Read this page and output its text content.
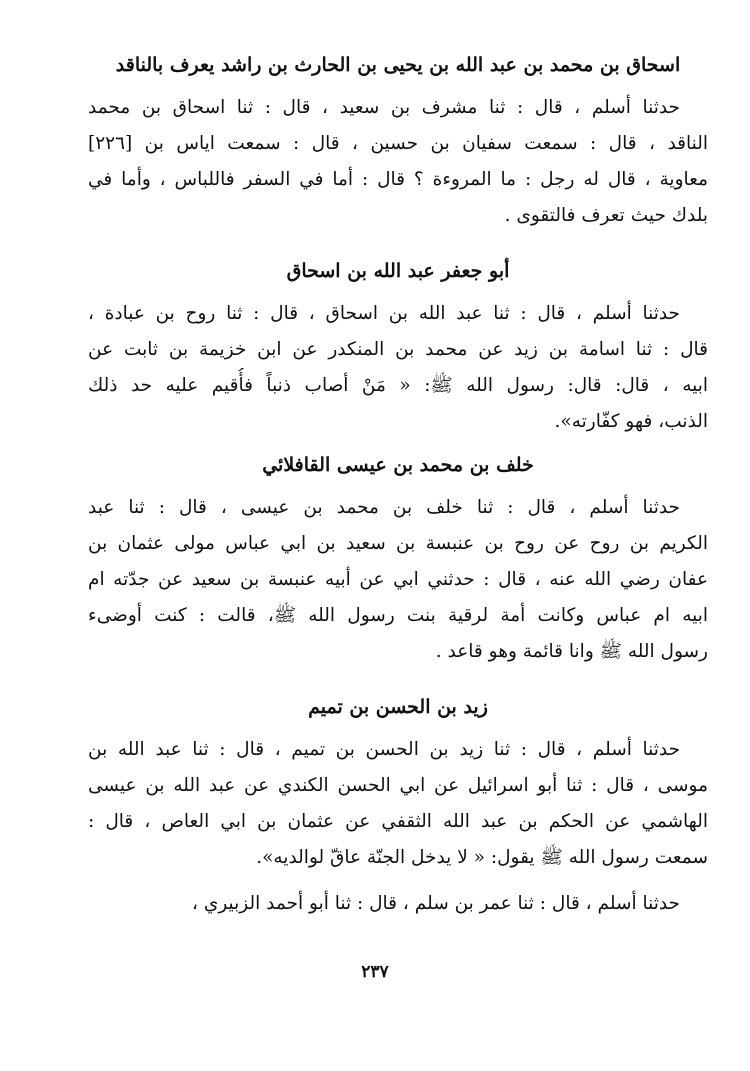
اسحاق بن محمد بن عبد الله بن يحيى بن الحارث بن راشد يعرف بالناقد

حدثنا أسلم ، قال : ثنا مشرف بن سعيد ، قال : ثنا اسحاق بن محمد
الناقد ، قال : سمعت سفيان بن حسين ، قال : سمعت اياس بن [٢٢٦]
معاوية ، قال له رجل : ما المروءة ؟ قال : أما في السفر فاللباس ، وأما في
بلدك حيث تعرف فالتقوى .

أبو جعفر عبد الله بن اسحاق

حدثنا أسلم ، قال : ثنا عبد الله بن اسحاق ، قال : ثنا روح بن عبادة ،
قال : ثنا اسامة بن زيد عن محمد بن المنكدر عن ابن خزيمة بن ثابت عن
ابيه ، قال: قال: رسول الله ﷺ: « مَنْ أصاب ذنباً فأُقيم عليه حد ذلك
الذنب، فهو كفّارته».

خلف بن محمد بن عيسى القافلائي

حدثنا أسلم ، قال : ثنا خلف بن محمد بن عيسى ، قال : ثنا عبد
الكريم بن روح عن روح بن عنبسة بن سعيد بن ابي عباس مولى عثمان بن
عفان رضي الله عنه ، قال : حدثني ابي عن أبيه عنبسة بن سعيد عن جدّته ام
ابيه ام عباس وكانت أمة لرقية بنت رسول الله ﷺ، قالت : كنت أوضىء
رسول الله ﷺ وانا قائمة وهو قاعد .

زيد بن الحسن بن تميم

حدثنا أسلم ، قال : ثنا زيد بن الحسن بن تميم ، قال : ثنا عبد الله بن
موسى ، قال : ثنا أبو اسرائيل عن ابي الحسن الكندي عن عبد الله بن عيسى
الهاشمي عن الحكم بن عبد الله الثقفي عن عثمان بن ابي العاص ، قال :
سمعت رسول الله ﷺ يقول: « لا يدخل الجنّة عاقّ لوالديه».

حدثنا أسلم ، قال : ثنا عمر بن سلم ، قال : ثنا أبو أحمد الزبيري ،

٢٣٧
